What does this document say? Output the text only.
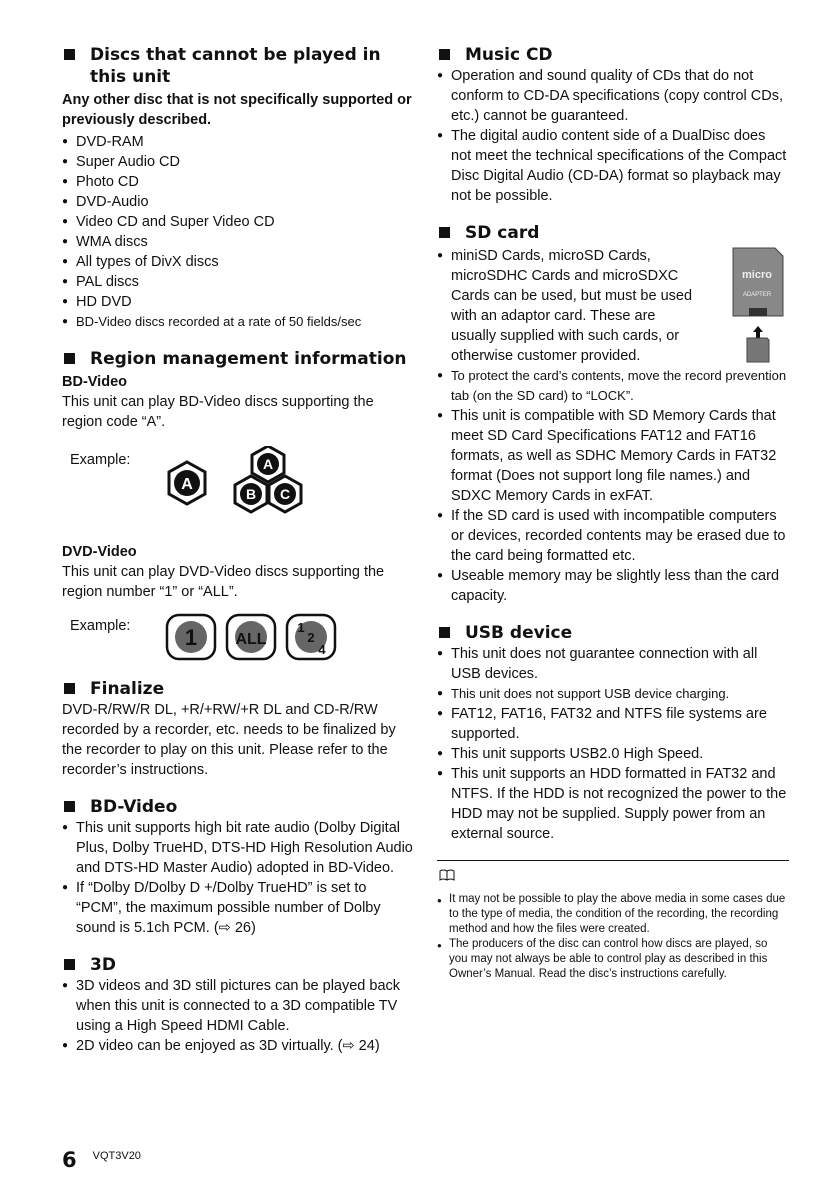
Discs that cannot be played in this unit
Any other disc that is not specifically supported or previously described.
● DVD-RAM
● Super Audio CD
● Photo CD
● DVD-Audio
● Video CD and Super Video CD
● WMA discs
● All types of DivX discs
● PAL discs
● HD DVD
● BD-Video discs recorded at a rate of 50 fields/sec
Region management information
BD-Video

This unit can play BD-Video discs supporting the region code “A”.

Example:
A
A
B C
DVD-Video

This unit can play DVD-Video discs supporting the region number “1” or “ALL”.

Example:	1 ALL
1
2
4
Finalize

DVD-R/RW/R DL, +R/+RW/+R DL and CD-R/RW recorded by a recorder, etc. needs to be finalized by the recorder to play on this unit. Please refer to the recorder’s instructions.

BD-Video
● This unit supports high bit rate audio (Dolby Digital Plus, Dolby TrueHD, DTS-HD High Resolution Audio and DTS-HD Master Audio) adopted in BD-Video.
● If “Dolby D/Dolby D +/Dolby TrueHD” is set to “PCM”, the maximum possible number of Dolby sound is 5.1ch PCM. (⇨ 26)
3D
● 3D videos and 3D still pictures can be played back when this unit is connected to a 3D compatible TV using a High Speed HDMI Cable.
● 2D video can be enjoyed as 3D virtually. (⇨ 24)
Music CD
● Operation and sound quality of CDs that do not conform to CD-DA specifications (copy control CDs, etc.) cannot be guaranteed.
● The digital audio content side of a DualDisc does not meet the technical specifications of the Compact Disc Digital Audio (CD-DA) format so playback may not be possible.
SD card
micro
ADAPTER
● miniSD Cards, microSD Cards, microSDHC Cards and microSDXC Cards can be used, but must be used with an adaptor card. These are usually supplied with such cards, or otherwise customer provided.
● To protect the card’s contents, move the record prevention tab (on the SD card) to “LOCK”.
● This unit is compatible with SD Memory Cards that meet SD Card Specifications FAT12 and FAT16 formats, as well as SDHC Memory Cards in FAT32 format (Does not support long file names.) and SDXC Memory Cards in exFAT.
● If the SD card is used with incompatible computers or devices, recorded contents may be erased due to the card being formatted etc.
● Useable memory may be slightly less than the card capacity.
USB device
● This unit does not guarantee connection with all USB devices.
● This unit does not support USB device charging.
● FAT12, FAT16, FAT32 and NTFS file systems are supported.
● This unit supports USB2.0 High Speed.
● This unit supports an HDD formatted in FAT32 and NTFS. If the HDD is not recognized the power to the HDD may not be supplied. Supply power from an external source.
● It may not be possible to play the above media in some cases due to the type of media, the condition of the recording, the recording method and how the files were created.
● The producers of the disc can control how discs are played, so you may not always be able to control play as described in this Owner’s Manual. Read the disc’s instructions carefully.
6 VQT3V20
